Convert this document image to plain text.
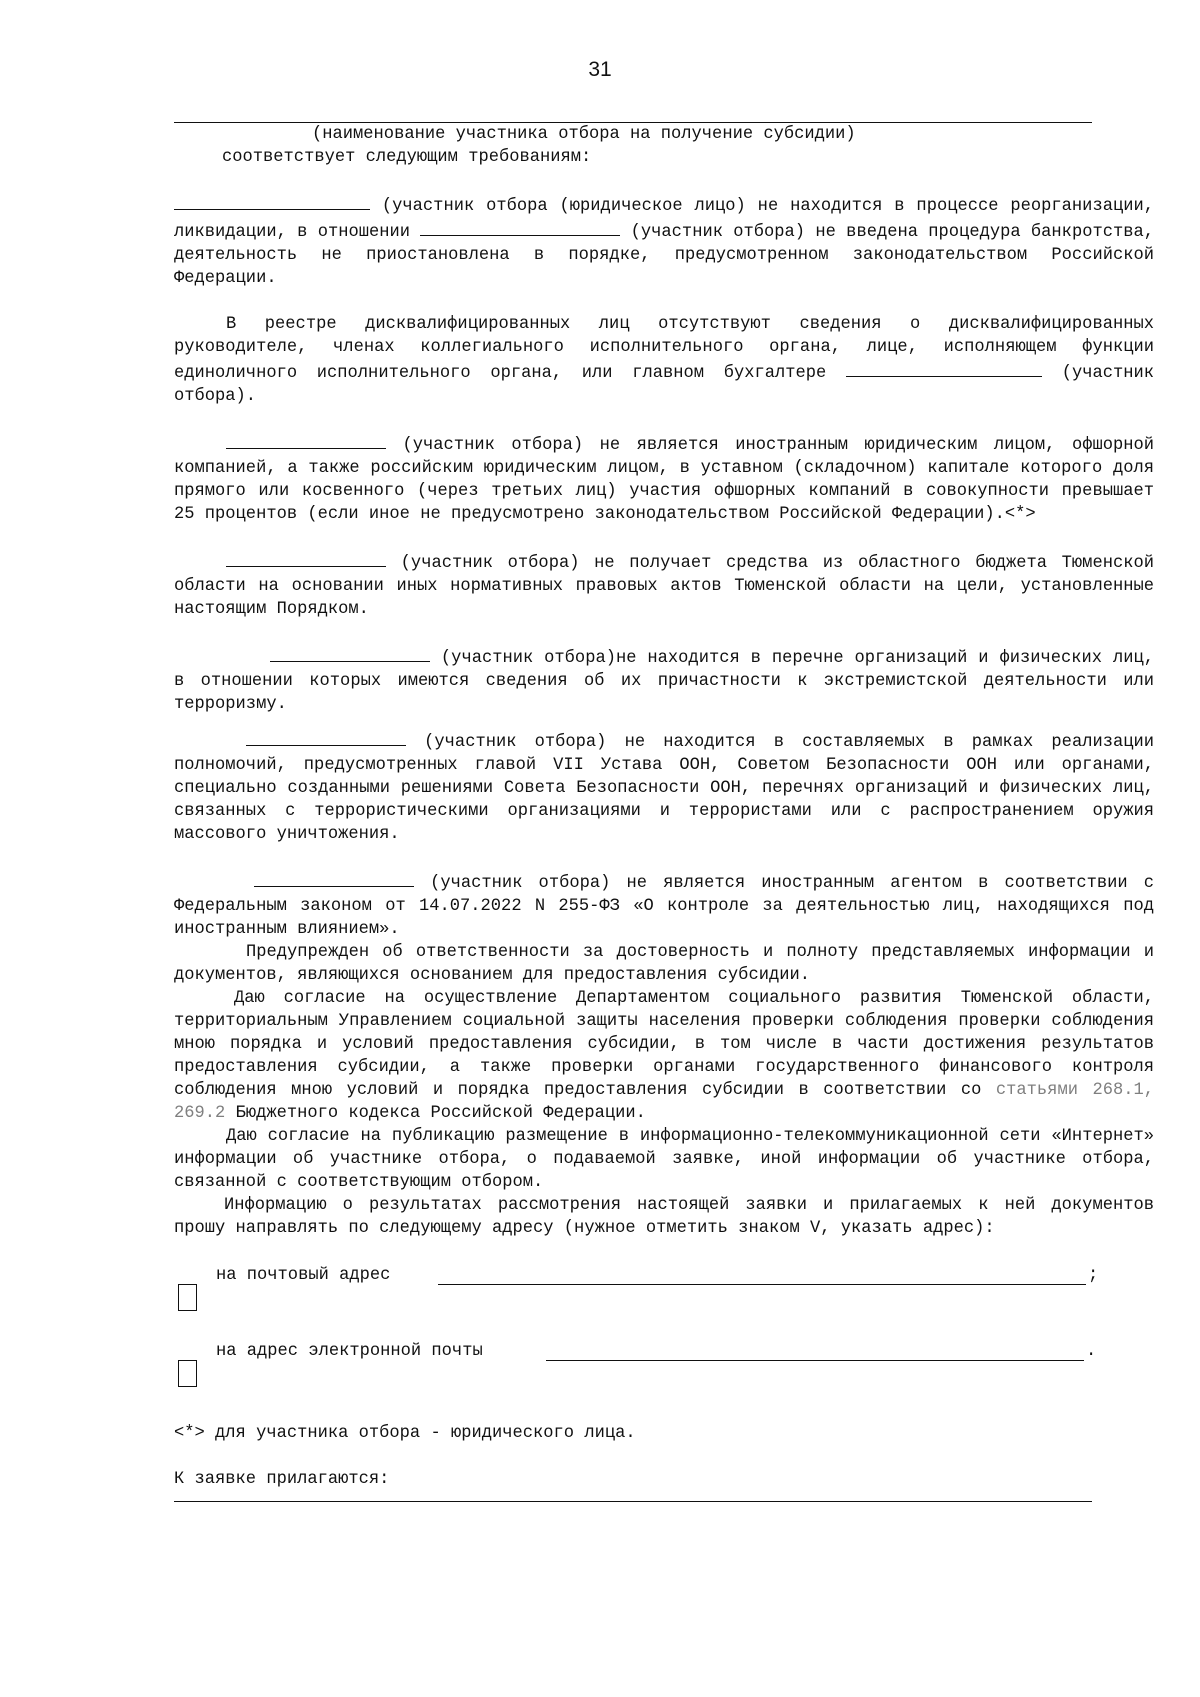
31

(наименование участника отбора на получение субсидии)

соответствует следующим требованиям:

(участник отбора (юридическое лицо) не находится в процессе реорганизации, ликвидации, в отношении	(участник отбора) не введена процедура банкротства, деятельность не приостановлена в порядке, предусмотренном законодательством Российской Федерации.

В реестре дисквалифицированных лиц отсутствуют сведения о дисквалифицированных руководителе, членах коллегиального исполнительного органа, лице, исполняющем функции единоличного исполнительного органа, или главном бухгалтере	(участник отбора).

(участник отбора) не является иностранным юридическим лицом, офшорной компанией, а также российским юридическим лицом, в уставном (складочном) капитале которого доля прямого или косвенного (через третьих лиц) участия офшорных компаний в совокупности превышает 25 процентов (если иное не предусмотрено законодательством Российской Федерации).<*>

(участник отбора) не получает средства из областного бюджета Тюменской области на основании иных нормативных правовых актов Тюменской области на цели, установленные настоящим Порядком.

(участник отбора)не находится в перечне организаций и физических лиц, в отношении которых имеются сведения об их причастности к экстремистской деятельности или терроризму.

(участник отбора) не находится в составляемых в рамках реализации полномочий, предусмотренных главой VII Устава ООН, Советом Безопасности ООН или органами, специально созданными решениями Совета Безопасности ООН, перечнях организаций и физических лиц, связанных с террористическими организациями и террористами или с распространением оружия массового уничтожения.

(участник отбора) не является иностранным агентом в соответствии с Федеральным законом от 14.07.2022 N 255-ФЗ «О контроле за деятельностью лиц, находящихся под иностранным влиянием».

Предупрежден об ответственности за достоверность и полноту представляемых информации и документов, являющихся основанием для предоставления субсидии.

Даю согласие на осуществление Департаментом социального развития Тюменской области, территориальным Управлением социальной защиты населения проверки соблюдения проверки соблюдения мною порядка и условий предоставления субсидии, в том числе в части достижения результатов предоставления субсидии, а также проверки органами государственного финансового контроля соблюдения мною условий и порядка предоставления субсидии в соответствии со статьями 268.1, 269.2 Бюджетного кодекса Российской Федерации.

Даю согласие на публикацию размещение в информационно-телекоммуникационной сети «Интернет» информации об участнике отбора, о подаваемой заявке, иной информации об участнике отбора, связанной с соответствующим отбором.

Информацию о результатах рассмотрения настоящей заявки и прилагаемых к ней документов прошу направлять по следующему адресу (нужное отметить знаком V, указать адрес):

на почтовый адрес	;
на адрес электронной почты	.

<*> для участника отбора - юридического лица.

К заявке прилагаются:
